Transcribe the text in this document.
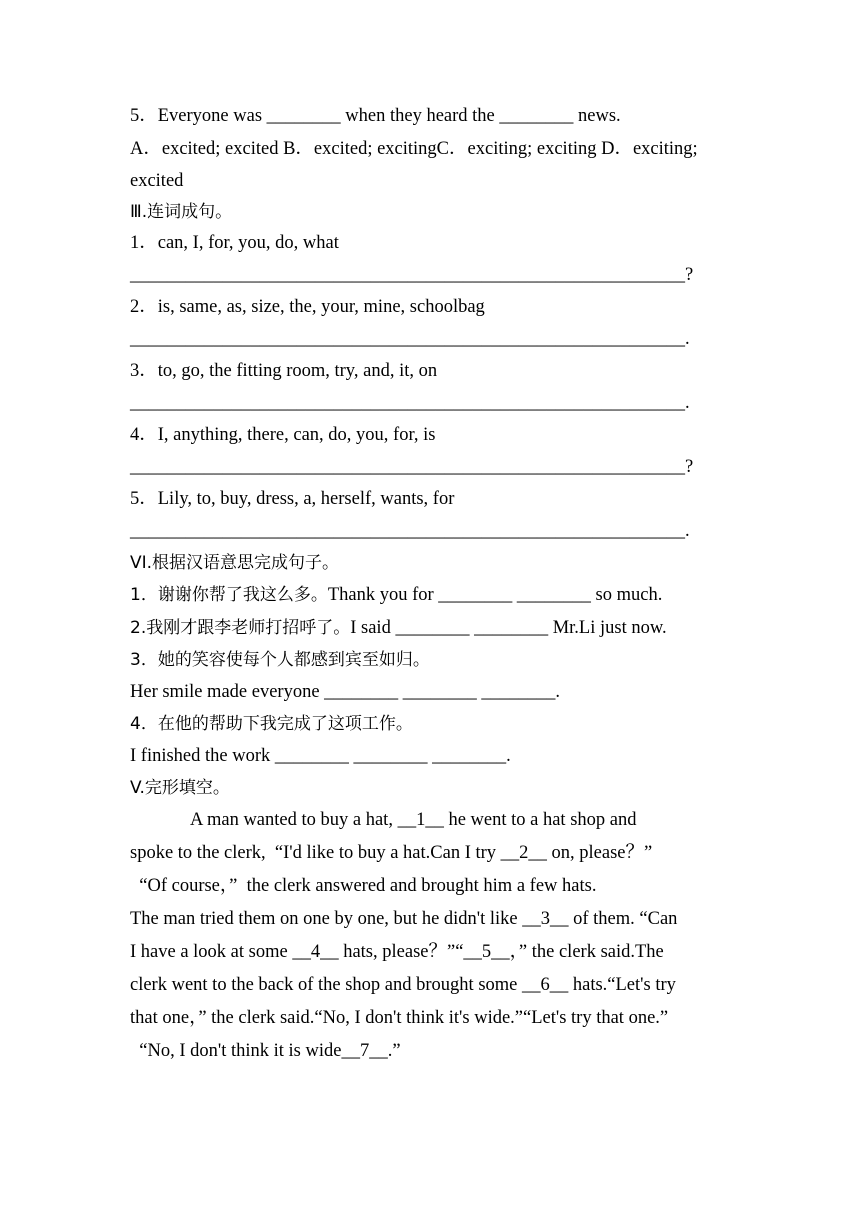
5．Everyone was ________ when they heard the ________ news.
A．excited; excited B．excited; excitingC．exciting; exciting D．exciting;
excited
Ⅲ.连词成句。
1．can, I, for, you, do, what
____________________________________________________________?
2．is, same, as, size, the, your, mine, schoolbag
____________________________________________________________.
3．to, go, the fitting room, try, and, it, on
____________________________________________________________.
4．I, anything, there, can, do, you, for, is
____________________________________________________________?
5．Lily, to, buy, dress, a, herself, wants, for
____________________________________________________________.
VI.根据汉语意思完成句子。
1．谢谢你帮了我这么多。Thank you for ________ ________ so much.
2.我刚才跟李老师打招呼了。I said ________ ________ Mr.Li just now.
3．她的笑容使每个人都感到宾至如归。
Her smile made everyone ________ ________ ________.
4．在他的帮助下我完成了这项工作。
I finished the work ________ ________ ________.
V.完形填空。
A man wanted to buy a hat, __1__ he went to a hat shop and
spoke to the clerk,  “I'd like to buy a hat.Can I try __2__ on, please？”
“Of course，”  the clerk answered and brought him a few hats.
The man tried them on one by one, but he didn't like __3__ of them. “Can
I have a look at some __4__ hats, please？”“__5__，” the clerk said.The
clerk went to the back of the shop and brought some __6__ hats.“Let's try
that one，” the clerk said.“No, I don't think it's wide.”“Let's try that one.”
“No, I don't think it is wide__7__.”
